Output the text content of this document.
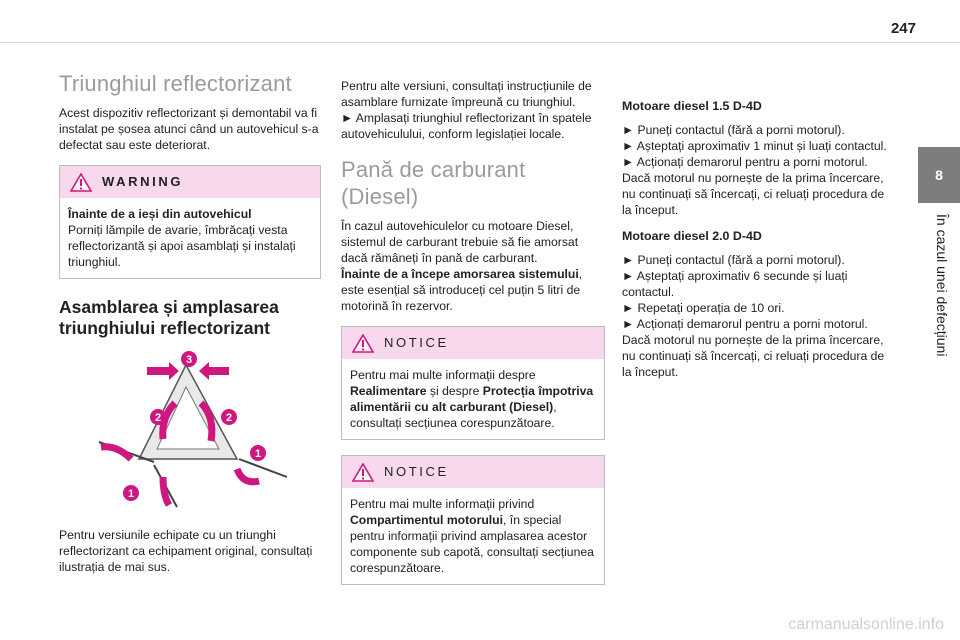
247
8
În cazul unei defecțiuni
Triunghiul reflectorizant

Acest dispozitiv reflectorizant și demontabil va fi instalat pe șosea atunci când un autovehicul s-a defectat sau este deteriorat.

WARNING

Înainte de a ieși din autovehicul

Porniți lămpile de avarie, îmbrăcați vesta reflectorizantă și apoi asamblați și instalați triunghiul.

Asamblarea și amplasarea triunghiului reflectorizant
3
2	2
1
1

Pentru versiunile echipate cu un triunghi reflectorizant ca echipament original, consultați ilustrația de mai sus.

Pentru alte versiuni, consultați instrucțiunile de asamblare furnizate împreună cu triunghiul.

► Amplasați triunghiul reflectorizant în spatele autovehiculului, conform legislației locale.

Pană de carburant (Diesel)

În cazul autovehiculelor cu motoare Diesel, sistemul de carburant trebuie să fie amorsat dacă rămâneți în pană de carburant.

Înainte de a începe amorsarea sistemului, este esențial să introduceți cel puțin 5 litri de motorină în rezervor.

NOTICE

Pentru mai multe informații despre Realimentare și despre Protecția împotriva alimentării cu alt carburant (Diesel), consultați secțiunea corespunzătoare.

NOTICE

Pentru mai multe informații privind Compartimentul motorului, în special pentru informații privind amplasarea acestor componente sub capotă, consultați secțiunea corespunzătoare.

Motoare diesel 1.5 D-4D

► Puneți contactul (fără a porni motorul).

► Așteptați aproximativ 1 minut și luați contactul.

► Acționați demarorul pentru a porni motorul.

Dacă motorul nu pornește de la prima încercare, nu continuați să încercați, ci reluați procedura de la început.

Motoare diesel 2.0 D-4D

► Puneți contactul (fără a porni motorul).

► Așteptați aproximativ 6 secunde și luați contactul.

► Repetați operația de 10 ori.

► Acționați demarorul pentru a porni motorul.

Dacă motorul nu pornește de la prima încercare, nu continuați să încercați, ci reluați procedura de la început.

carmanualsonline.info
